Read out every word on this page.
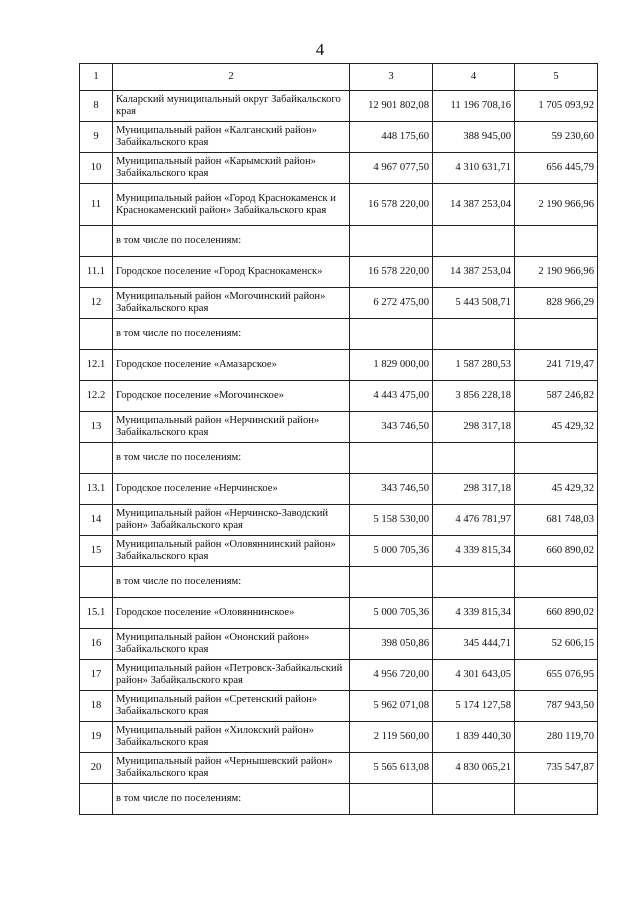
4
1	2	3	4	5
8	Каларский муниципальный округ Забайкальского края	12 901 802,08	11 196 708,16	1 705 093,92
9	Муниципальный район «Калганский район» Забайкальского края	448 175,60	388 945,00	59 230,60
10	Муниципальный район «Карымский район» Забайкальского края	4 967 077,50	4 310 631,71	656 445,79
11	Муниципальный район «Город Краснокаменск и Краснокаменский район» Забайкальского края	16 578 220,00	14 387 253,04	2 190 966,96
	в том числе по поселениям:			
11.1	Городское поселение «Город Краснокаменск»	16 578 220,00	14 387 253,04	2 190 966,96
12	Муниципальный район «Могочинский район» Забайкальского края	6 272 475,00	5 443 508,71	828 966,29
	в том числе по поселениям:			
12.1	Городское поселение «Амазарское»	1 829 000,00	1 587 280,53	241 719,47
12.2	Городское поселение «Могочинское»	4 443 475,00	3 856 228,18	587 246,82
13	Муниципальный район «Нерчинский район» Забайкальского края	343 746,50	298 317,18	45 429,32
	в том числе по поселениям:			
13.1	Городское поселение «Нерчинское»	343 746,50	298 317,18	45 429,32
14	Муниципальный район «Нерчинско-Заводский район» Забайкальского края	5 158 530,00	4 476 781,97	681 748,03
15	Муниципальный район «Оловяннинский район» Забайкальского края	5 000 705,36	4 339 815,34	660 890,02
	в том числе по поселениям:			
15.1	Городское поселение «Оловяннинское»	5 000 705,36	4 339 815,34	660 890,02
16	Муниципальный район «Ононский район» Забайкальского края	398 050,86	345 444,71	52 606,15
17	Муниципальный район «Петровск-Забайкальский район» Забайкальского края	4 956 720,00	4 301 643,05	655 076,95
18	Муниципальный район «Сретенский район» Забайкальского края	5 962 071,08	5 174 127,58	787 943,50
19	Муниципальный район «Хилокский район» Забайкальского края	2 119 560,00	1 839 440,30	280 119,70
20	Муниципальный район «Чернышевский район» Забайкальского края	5 565 613,08	4 830 065,21	735 547,87
	в том числе по поселениям:			
